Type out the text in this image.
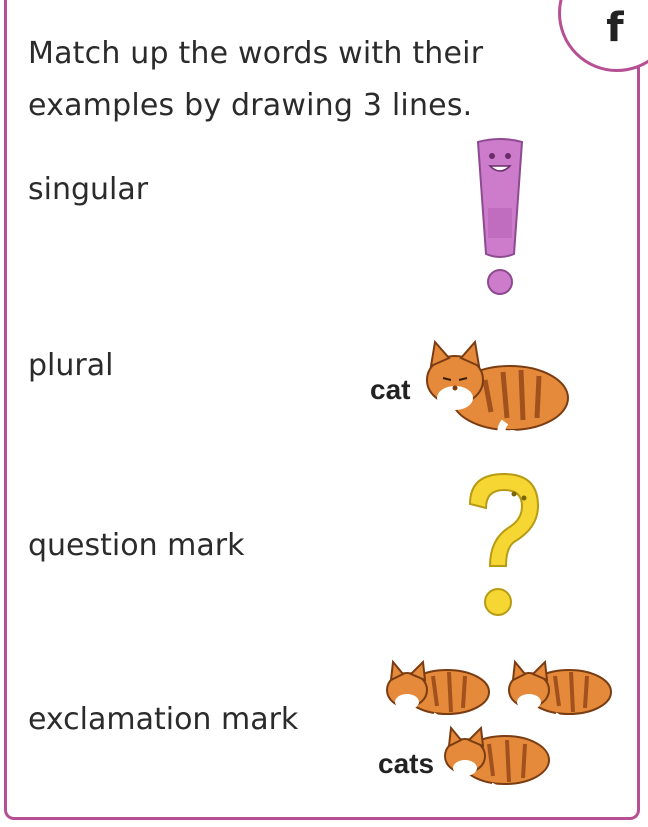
f
Match up the words with their examples by drawing 3 lines.
singular
plural
question mark
exclamation mark
cat
cats
